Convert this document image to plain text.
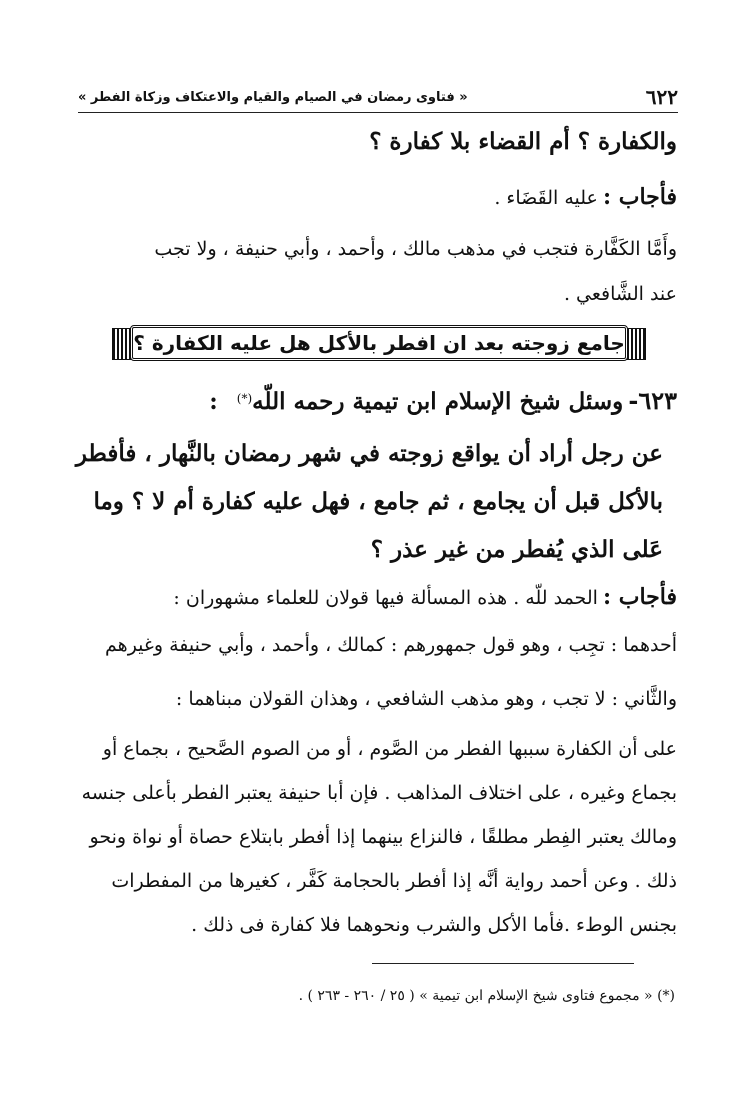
٦٢٢
« فتاوى رمضان في الصيام والقيام والاعتكاف وزكاة الفطر »
والكفارة ؟ أم القضاء بلا كفارة ؟
فأجاب : عليه القَضَاء .
وأَمَّا الكَفَّارة فتجب في مذهب مالك ، وأحمد ، وأبي حنيفة ، ولا تجب
عند الشَّافعي .
جامع زوجته بعد ان افطر بالأكل هل عليه الكفارة ؟
٦٢٣- وسئل شيخ الإسلام ابن تيمية رحمه اللّه(*) :
عن رجل أراد أن يواقع زوجته في شهر رمضان بالنَّهار ، فأفطر
بالأكل قبل أن يجامع ، ثم جامع ، فهل عليه كفارة أم لا ؟ وما
عَلى الذي يُفطر من غير عذر ؟
فأجاب : الحمد للّه . هذه المسألة فيها قولان للعلماء مشهوران :
أحدهما : تجِب ، وهو قول جمهورهم : كمالك ، وأحمد ، وأبي حنيفة وغيرهم
والثَّاني : لا تجب ، وهو مذهب الشافعي ، وهذان القولان مبناهما :
على أن الكفارة سببها الفطر من الصَّوم ، أو من الصوم الصَّحيح ، بجماع أو
بجماع وغيره ، على اختلاف المذاهب . فإن أبا حنيفة يعتبر الفطر بأعلى جنسه
ومالك يعتبر الفِطر مطلقًا ، فالنزاع بينهما إذا أفطر بابتلاع حصاة أو نواة ونحو
ذلك . وعن أحمد رواية أنَّه إذا أفطر بالحجامة كَفَّر ، كغيرها من المفطرات
بجنس الوطء .فأما الأكل والشرب ونحوهما فلا كفارة فى ذلك .
(*) « مجموع فتاوى شيخ الإسلام ابن تيمية » ( ٢٥ / ٢٦٠ - ٢٦٣ ) .
